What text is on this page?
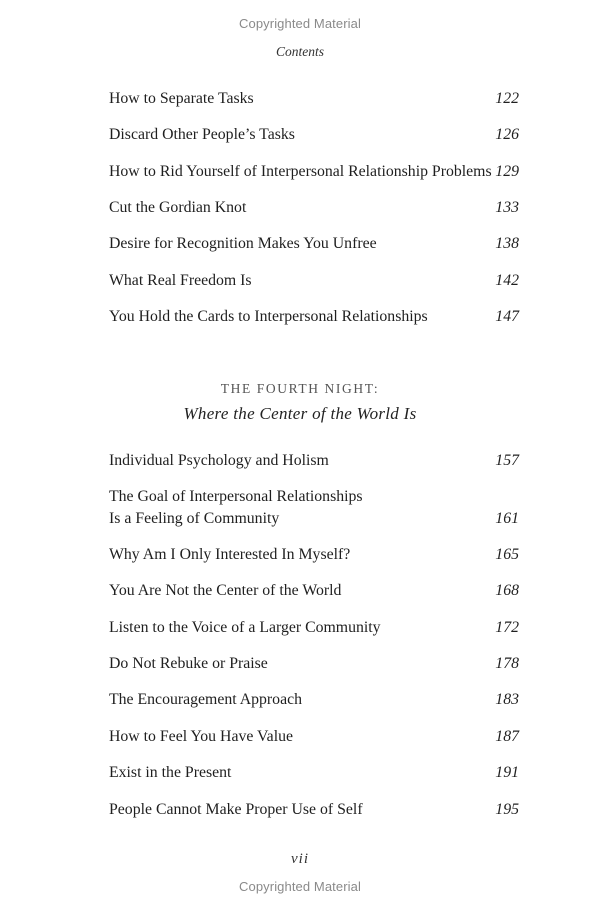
Copyrighted Material
Contents
How to Separate Tasks	122
Discard Other People’s Tasks	126
How to Rid Yourself of Interpersonal Relationship Problems 129
Cut the Gordian Knot	133
Desire for Recognition Makes You Unfree	138
What Real Freedom Is	142
You Hold the Cards to Interpersonal Relationships	147
THE FOURTH NIGHT:
Where the Center of the World Is
Individual Psychology and Holism	157
The Goal of Interpersonal Relationships
Is a Feeling of Community	161
Why Am I Only Interested In Myself?	165
You Are Not the Center of the World	168
Listen to the Voice of a Larger Community	172
Do Not Rebuke or Praise	178
The Encouragement Approach	183
How to Feel You Have Value	187
Exist in the Present	191
People Cannot Make Proper Use of Self	195
vii
Copyrighted Material
